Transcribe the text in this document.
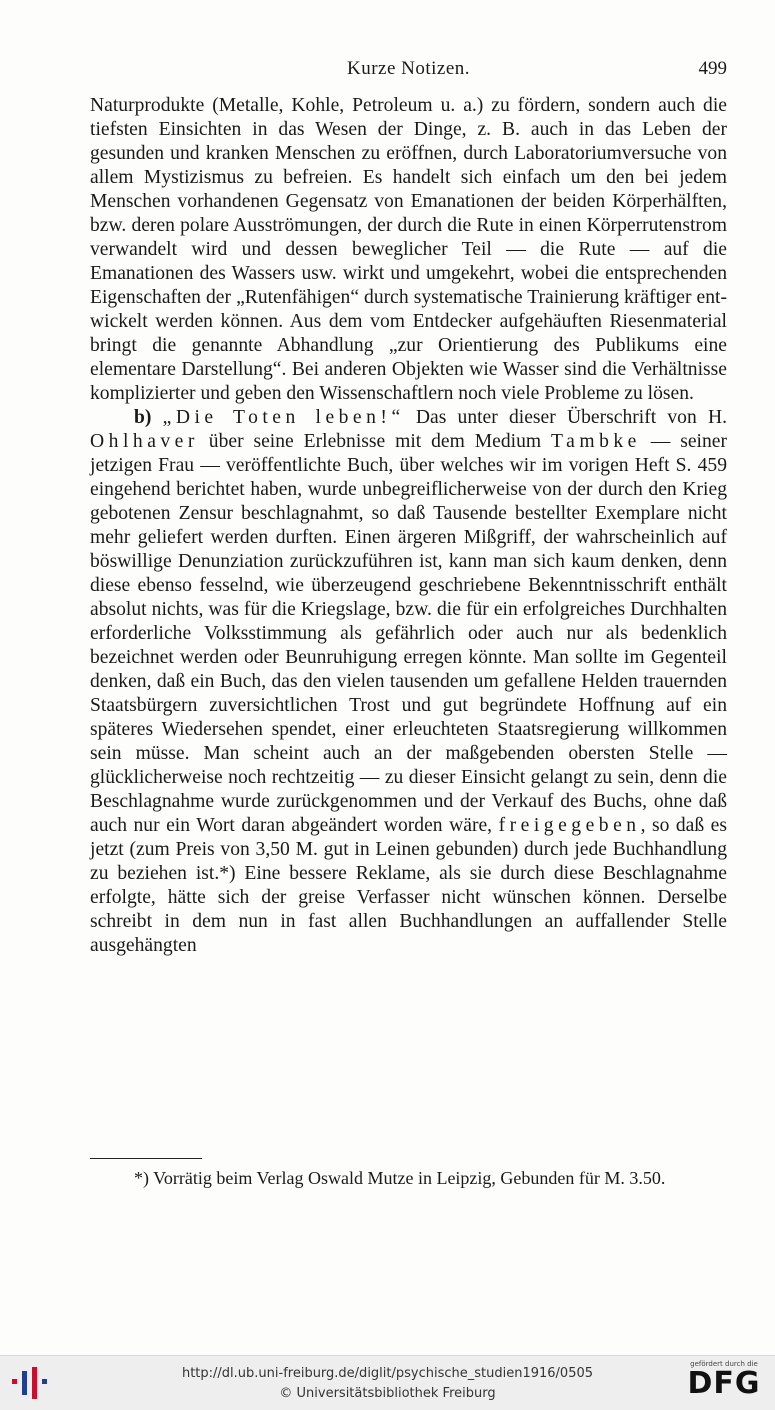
Kurze Notizen.	499

Naturprodukte (Metalle, Kohle, Petroleum u. a.) zu fördern, sondern auch die tiefsten Einsichten in das Wesen der Dinge, z. B. auch in das Leben der gesunden und kranken Menschen zu eröffnen, durch Laboratoriumversuche von allem Mystizismus zu befreien. Es handelt sich einfach um den bei jedem Menschen vorhandenen Gegensatz von Emanationen der beiden Körperhälften, bzw. deren polare Ausströmungen, der durch die Rute in einen Körperrutenstrom verwandelt wird und dessen beweglicher Teil — die Rute — auf die Emanationen des Wassers usw. wirkt und umgekehrt, wobei die entsprechenden Eigenschaften der „Rutenfähigen“ durch systematische Trainierung kräftiger entwickelt werden können. Aus dem vom Entdecker aufgehäuften Riesenmaterial bringt die genannte Abhandlung „zur Orientierung des Publikums eine elementare Darstellung“. Bei anderen Objekten wie Wasser sind die Verhältnisse komplizierter und geben den Wissenschaftlern noch viele Probleme zu lösen.

b) „Die Toten leben!“ Das unter dieser Überschrift von H. Ohlhaver über seine Erlebnisse mit dem Medium Tambke — seiner jetzigen Frau — veröffentlichte Buch, über welches wir im vorigen Heft S. 459 eingehend berichtet haben, wurde unbegreiflicherweise von der durch den Krieg gebotenen Zensur beschlagnahmt, so daß Tausende bestellter Exemplare nicht mehr geliefert werden durften. Einen ärgeren Mißgriff, der wahrscheinlich auf böswillige Denunziation zurückzuführen ist, kann man sich kaum denken, denn diese ebenso fesselnd, wie überzeugend geschriebene Bekenntnisschrift enthält absolut nichts, was für die Kriegslage, bzw. die für ein erfolgreiches Durchhalten erforderliche Volksstimmung als gefährlich oder auch nur als bedenklich bezeichnet werden oder Beunruhigung erregen könnte. Man sollte im Gegenteil denken, daß ein Buch, das den vielen tausenden um gefallene Helden trauernden Staatsbürgern zuversichtlichen Trost und gut begründete Hoffnung auf ein späteres Wiedersehen spendet, einer erleuchteten Staatsregierung willkommen sein müsse. Man scheint auch an der maßgebenden obersten Stelle — glücklicherweise noch rechtzeitig — zu dieser Einsicht gelangt zu sein, denn die Beschlagnahme wurde zurückgenommen und der Verkauf des Buchs, ohne daß auch nur ein Wort daran abgeändert worden wäre, freigegeben, so daß es jetzt (zum Preis von 3,50 M. gut in Leinen gebunden) durch jede Buchhandlung zu beziehen ist.*) Eine bessere Reklame, als sie durch diese Beschlagnahme erfolgte, hätte sich der greise Verfasser nicht wünschen können. Derselbe schreibt in dem nun in fast allen Buchhandlungen an auffallender Stelle ausgehängten

*) Vorrätig beim Verlag Oswald Mutze in Leipzig, Gebunden für M. 3.50.

http://dl.ub.uni-freiburg.de/diglit/psychische_studien1916/0505
© Universitätsbibliothek Freiburg
gefördert durch die
DFG
